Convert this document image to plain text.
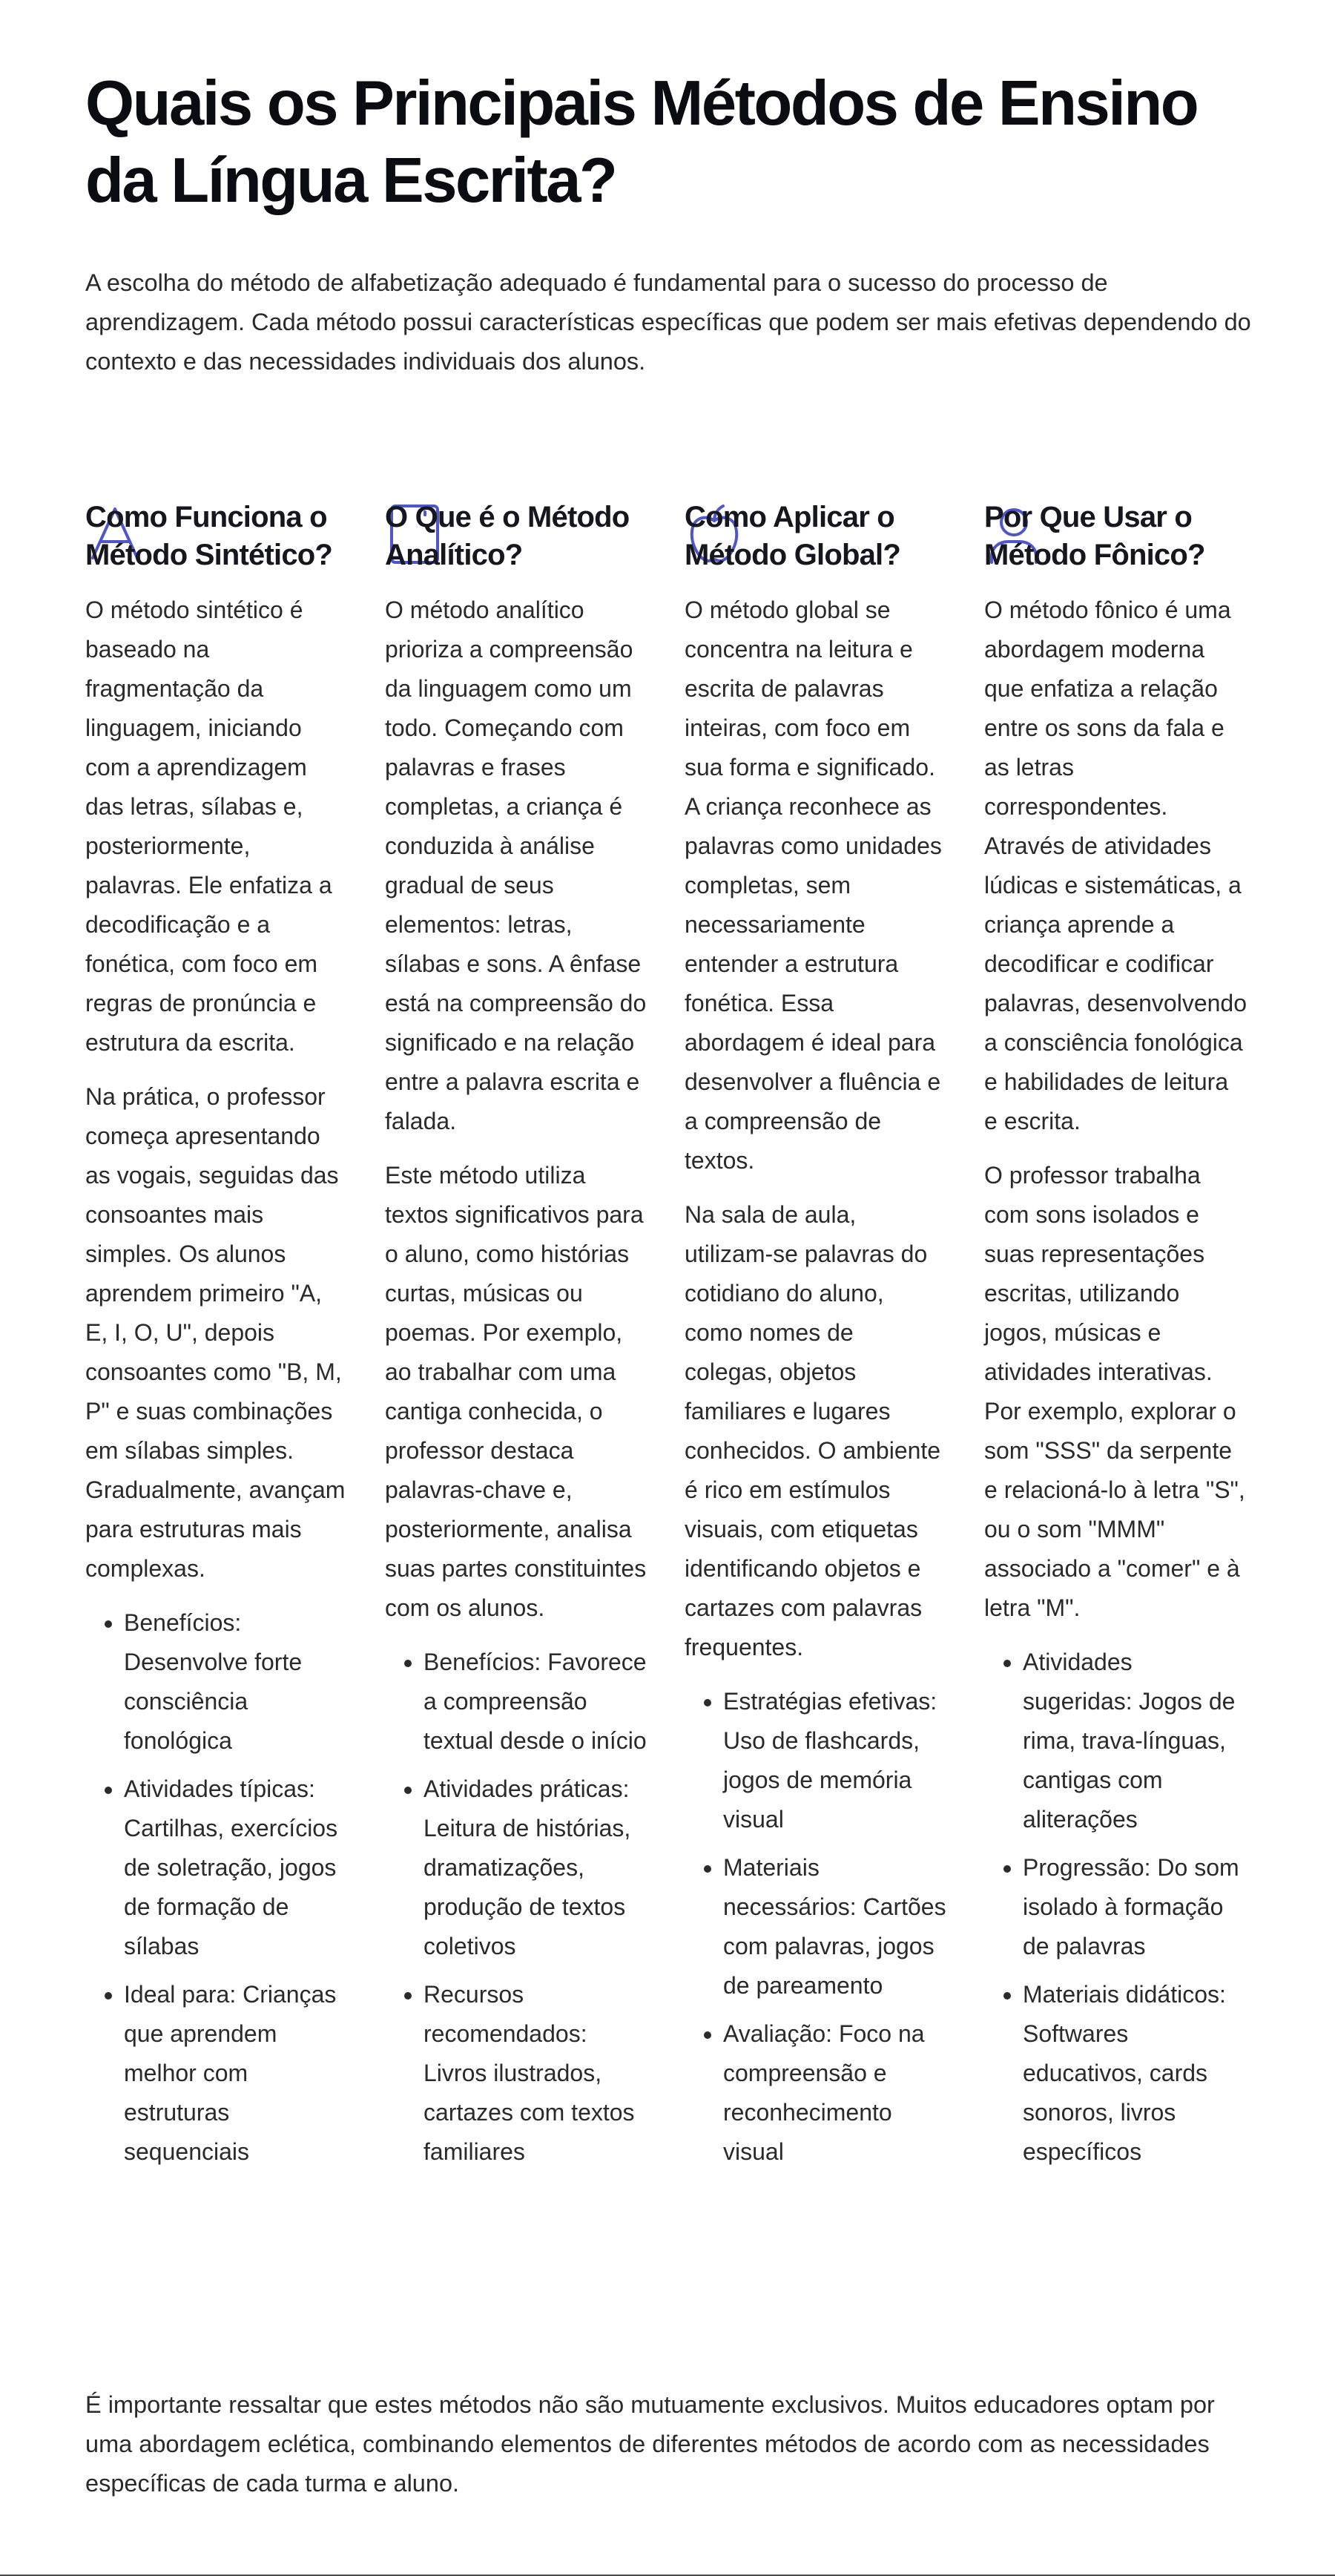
Quais os Principais Métodos de Ensino da Língua Escrita?

A escolha do método de alfabetização adequado é fundamental para o sucesso do processo de aprendizagem. Cada método possui características específicas que podem ser mais efetivas dependendo do contexto e das necessidades individuais dos alunos.

Como Funciona o Método Sintético?

O método sintético é baseado na fragmentação da linguagem, iniciando com a aprendizagem das letras, sílabas e, posteriormente, palavras. Ele enfatiza a decodificação e a fonética, com foco em regras de pronúncia e estrutura da escrita.

Na prática, o professor começa apresentando as vogais, seguidas das consoantes mais simples. Os alunos aprendem primeiro "A, E, I, O, U", depois consoantes como "B, M, P" e suas combinações em sílabas simples. Gradualmente, avançam para estruturas mais complexas.

• Benefícios: Desenvolve forte consciência fonológica
• Atividades típicas: Cartilhas, exercícios de soletração, jogos de formação de sílabas
• Ideal para: Crianças que aprendem melhor com estruturas sequenciais
O Que é o Método Analítico?

O método analítico prioriza a compreensão da linguagem como um todo. Começando com palavras e frases completas, a criança é conduzida à análise gradual de seus elementos: letras, sílabas e sons. A ênfase está na compreensão do significado e na relação entre a palavra escrita e falada.

Este método utiliza textos significativos para o aluno, como histórias curtas, músicas ou poemas. Por exemplo, ao trabalhar com uma cantiga conhecida, o professor destaca palavras-chave e, posteriormente, analisa suas partes constituintes com os alunos.

• Benefícios: Favorece a compreensão textual desde o início
• Atividades práticas: Leitura de histórias, dramatizações, produção de textos coletivos
• Recursos recomendados: Livros ilustrados, cartazes com textos familiares
Como Aplicar o Método Global?

O método global se concentra na leitura e escrita de palavras inteiras, com foco em sua forma e significado. A criança reconhece as palavras como unidades completas, sem necessariamente entender a estrutura fonética. Essa abordagem é ideal para desenvolver a fluência e a compreensão de textos.

Na sala de aula, utilizam-se palavras do cotidiano do aluno, como nomes de colegas, objetos familiares e lugares conhecidos. O ambiente é rico em estímulos visuais, com etiquetas identificando objetos e cartazes com palavras frequentes.

• Estratégias efetivas: Uso de flashcards, jogos de memória visual
• Materiais necessários: Cartões com palavras, jogos de pareamento
• Avaliação: Foco na compreensão e reconhecimento visual
Por Que Usar o Método Fônico?

O método fônico é uma abordagem moderna que enfatiza a relação entre os sons da fala e as letras correspondentes. Através de atividades lúdicas e sistemáticas, a criança aprende a decodificar e codificar palavras, desenvolvendo a consciência fonológica e habilidades de leitura e escrita.

O professor trabalha com sons isolados e suas representações escritas, utilizando jogos, músicas e atividades interativas. Por exemplo, explorar o som "SSS" da serpente e relacioná-lo à letra "S", ou o som "MMM" associado a "comer" e à letra "M".

• Atividades sugeridas: Jogos de rima, trava-línguas, cantigas com aliterações
• Progressão: Do som isolado à formação de palavras
• Materiais didáticos: Softwares educativos, cards sonoros, livros específicos

É importante ressaltar que estes métodos não são mutuamente exclusivos. Muitos educadores optam por uma abordagem eclética, combinando elementos de diferentes métodos de acordo com as necessidades específicas de cada turma e aluno.
